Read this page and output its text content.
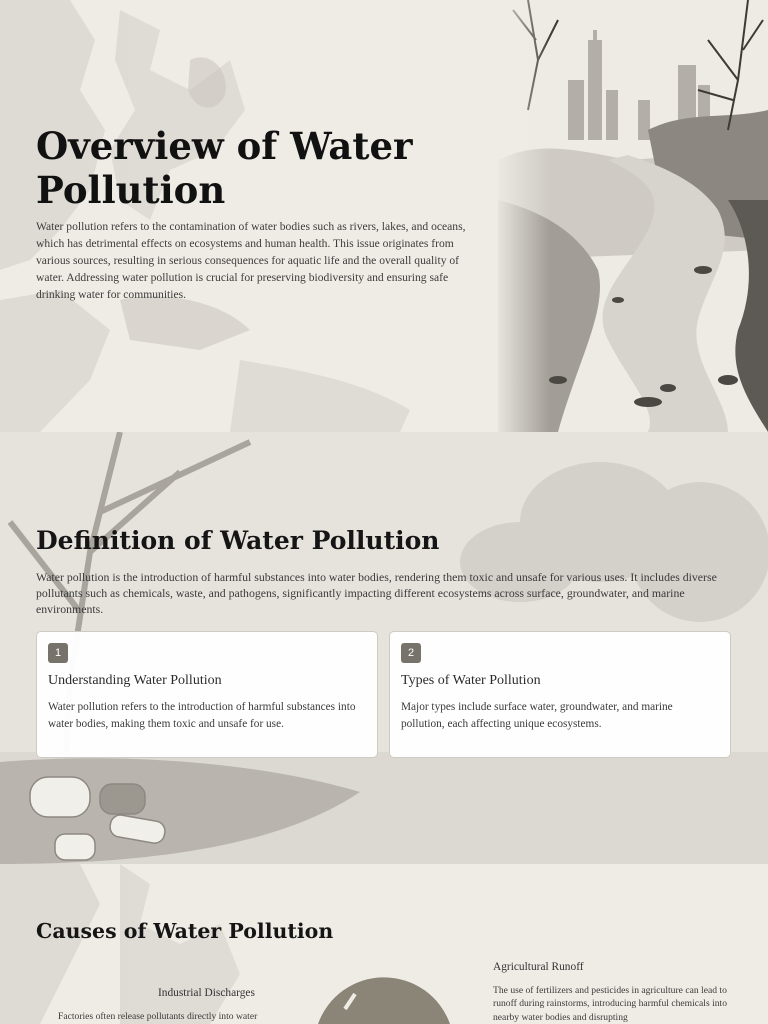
Overview of Water Pollution

Water pollution refers to the contamination of water bodies such as rivers, lakes, and oceans, which has detrimental effects on ecosystems and human health. This issue originates from various sources, resulting in serious consequences for aquatic life and the overall quality of water. Addressing water pollution is crucial for preserving biodiversity and ensuring safe drinking water for communities.

Definition of Water Pollution

Water pollution is the introduction of harmful substances into water bodies, rendering them toxic and unsafe for various uses. It includes diverse pollutants such as chemicals, waste, and pathogens, significantly impacting different ecosystems across surface, groundwater, and marine environments.

1
Understanding Water Pollution
Water pollution refers to the introduction of harmful substances into water bodies, making them toxic and unsafe for use.
2
Types of Water Pollution
Major types include surface water, groundwater, and marine pollution, each affecting unique ecosystems.
Causes of Water Pollution
Industrial Discharges
Factories often release pollutants directly into water
Agricultural Runoff
The use of fertilizers and pesticides in agriculture can lead to runoff during rainstorms, introducing harmful chemicals into nearby water bodies and disrupting
